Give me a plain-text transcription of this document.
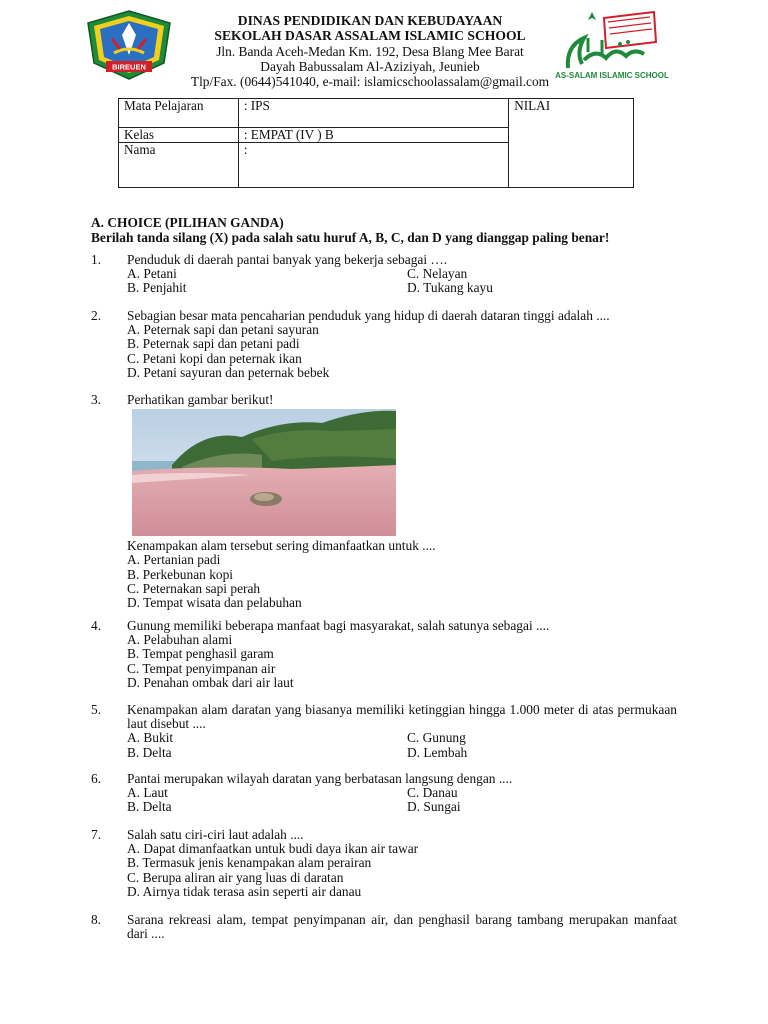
BIREUEN
DINAS PENDIDIKAN DAN KEBUDAYAAN
SEKOLAH DASAR ASSALAM ISLAMIC SCHOOL
Jln. Banda Aceh-Medan Km. 192, Desa Blang Mee Barat
Dayah Babussalam Al-Aziziyah, Jeunieb
Tlp/Fax. (0644)541040, e-mail: islamicschoolassalam@gmail.com AS-SALAM ISLAMIC SCHOOL
Mata Pelajaran	: IPS	NILAI
Kelas	: EMPAT (IV ) B	
Nama	:	
A. CHOICE (PILIHAN GANDA)
Berilah tanda silang (X) pada salah satu huruf A, B, C, dan D yang dianggap paling benar!
1. Penduduk di daerah pantai banyak yang bekerja sebagai ….
A. Petani	C. Nelayan
B. Penjahit	D. Tukang kayu
2. Sebagian besar mata pencaharian penduduk yang hidup di daerah dataran tinggi adalah ....
A. Peternak sapi dan petani sayuran
B. Peternak sapi dan petani padi
C. Petani kopi dan peternak ikan
D. Petani sayuran dan peternak bebek
3. Perhatikan gambar berikut!
Kenampakan alam tersebut sering dimanfaatkan untuk ....
A. Pertanian padi
B. Perkebunan kopi
C. Peternakan sapi perah
D. Tempat wisata dan pelabuhan
4. Gunung memiliki beberapa manfaat bagi masyarakat, salah satunya sebagai ....
A. Pelabuhan alami
B. Tempat penghasil garam
C. Tempat penyimpanan air
D. Penahan ombak dari air laut
5. Kenampakan alam daratan yang biasanya memiliki ketinggian hingga 1.000 meter di atas permukaan laut disebut ....
A. Bukit	C. Gunung
B. Delta	D. Lembah
6. Pantai merupakan wilayah daratan yang berbatasan langsung dengan ....
A. Laut	C. Danau
B. Delta	D. Sungai
7. Salah satu ciri-ciri laut adalah ....
A. Dapat dimanfaatkan untuk budi daya ikan air tawar
B. Termasuk jenis kenampakan alam perairan
C. Berupa aliran air yang luas di daratan
D. Airnya tidak terasa asin seperti air danau
8. Sarana rekreasi alam, tempat penyimpanan air, dan penghasil barang tambang merupakan manfaat dari ....
